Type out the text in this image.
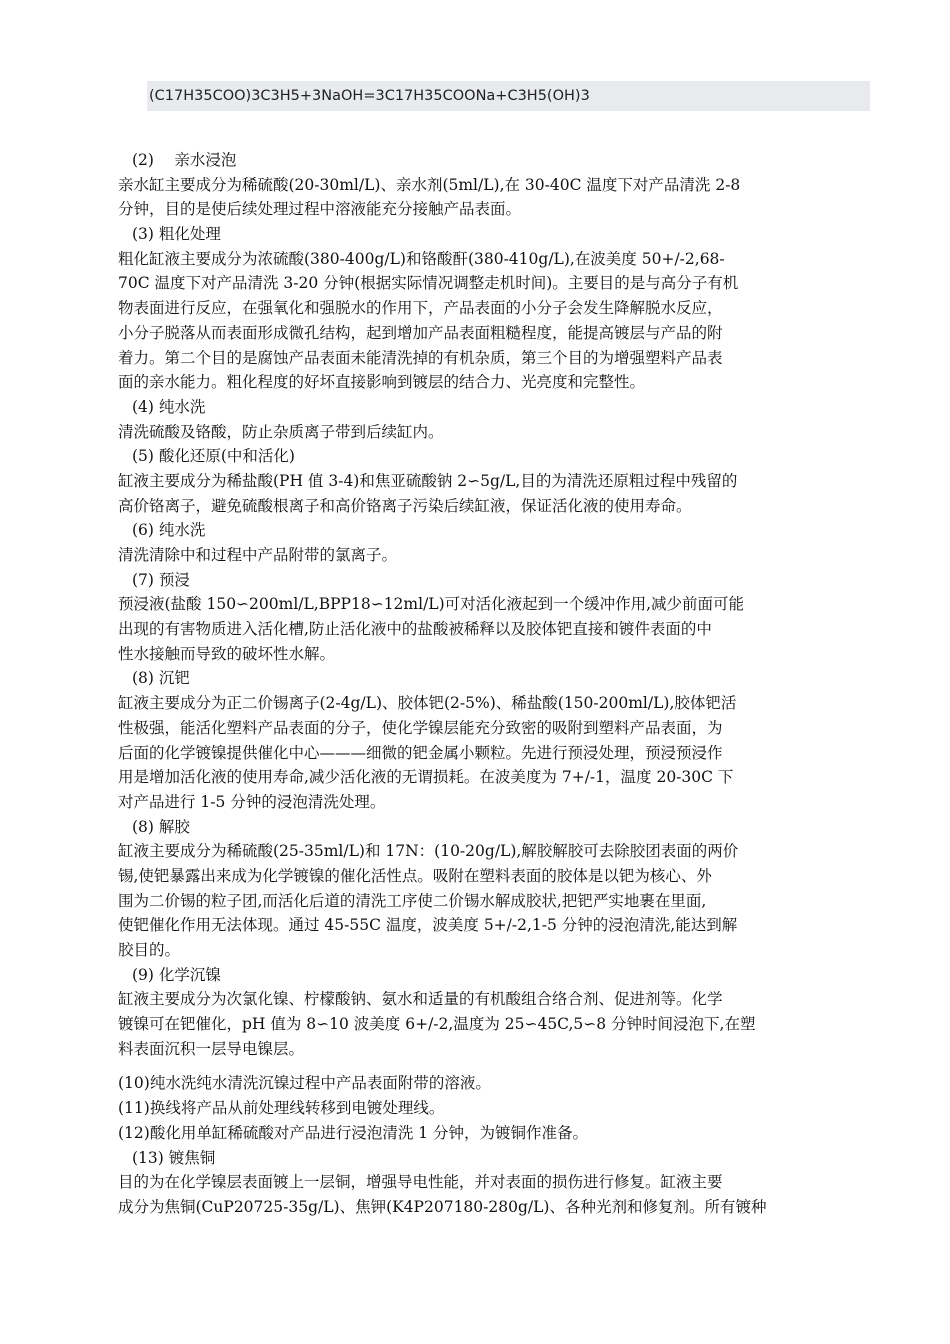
(C17H35COO)3C3H5+3NaOH=3C17H35COONa+C3H5(OH)3
(2)　 亲水浸泡
亲水缸主要成分为稀硫酸(20-30ml/L)、亲水剂(5ml/L),在 30-40C 温度下对产品清洗 2-8
分钟，目的是使后续处理过程中溶液能充分接触产品表面。
(3) 粗化处理
粗化缸液主要成分为浓硫酸(380-400g/L)和铬酸酐(380-410g/L),在波美度 50+/-2,68-
70C 温度下对产品清洗 3-20 分钟(根据实际情况调整走机时间)。主要目的是与高分子有机
物表面进行反应，在强氧化和强脱水的作用下，产品表面的小分子会发生降解脱水反应，
小分子脱落从而表面形成微孔结构，起到增加产品表面粗糙程度，能提高镀层与产品的附
着力。第二个目的是腐蚀产品表面未能清洗掉的有机杂质，第三个目的为增强塑料产品表
面的亲水能力。粗化程度的好坏直接影响到镀层的结合力、光亮度和完整性。
(4) 纯水洗
清洗硫酸及铬酸，防止杂质离子带到后续缸内。
(5) 酸化还原(中和活化)
缸液主要成分为稀盐酸(PH 值 3-4)和焦亚硫酸钠 2∽5g/L,目的为清洗还原粗过程中残留的
高价铬离子，避免硫酸根离子和高价铬离子污染后续缸液，保证活化液的使用寿命。
(6) 纯水洗
清洗清除中和过程中产品附带的氯离子。
(7) 预浸
预浸液(盐酸 150∽200ml/L,BPP18∽12ml/L)可对活化液起到一个缓冲作用,减少前面可能
出现的有害物质进入活化槽,防止活化液中的盐酸被稀释以及胶体钯直接和镀件表面的中
性水接触而导致的破坏性水解。
(8) 沉钯
缸液主要成分为正二价锡离子(2-4g/L)、胶体钯(2-5%)、稀盐酸(150-200ml/L),胶体钯活
性极强，能活化塑料产品表面的分子，使化学镍层能充分致密的吸附到塑料产品表面，为
后面的化学镀镍提供催化中心———细微的钯金属小颗粒。先进行预浸处理，预浸预浸作
用是增加活化液的使用寿命,减少活化液的无谓损耗。在波美度为 7+/-1，温度 20-30C 下
对产品进行 1-5 分钟的浸泡清洗处理。
(8) 解胶
缸液主要成分为稀硫酸(25-35ml/L)和 17N：(10-20g/L),解胶解胶可去除胶团表面的两价
锡,使钯暴露出来成为化学镀镍的催化活性点。吸附在塑料表面的胶体是以钯为核心、外
围为二价锡的粒子团,而活化后道的清洗工序使二价锡水解成胶状,把钯严实地裹在里面,
使钯催化作用无法体现。通过 45-55C 温度，波美度 5+/-2,1-5 分钟的浸泡清洗,能达到解
胶目的。
(9) 化学沉镍
缸液主要成分为次氯化镍、柠檬酸钠、氨水和适量的有机酸组合络合剂、促进剂等。化学
镀镍可在钯催化，pH 值为 8∽10 波美度 6+/-2,温度为 25∽45C,5∽8 分钟时间浸泡下,在塑
料表面沉积一层导电镍层。
(10)纯水洗纯水清洗沉镍过程中产品表面附带的溶液。
(11)换线将产品从前处理线转移到电镀处理线。
(12)酸化用单缸稀硫酸对产品进行浸泡清洗 1 分钟，为镀铜作准备。
(13) 镀焦铜
目的为在化学镍层表面镀上一层铜，增强导电性能，并对表面的损伤进行修复。缸液主要
成分为焦铜(CuP20725-35g/L)、焦钾(K4P207180-280g/L)、各种光剂和修复剂。所有镀种
